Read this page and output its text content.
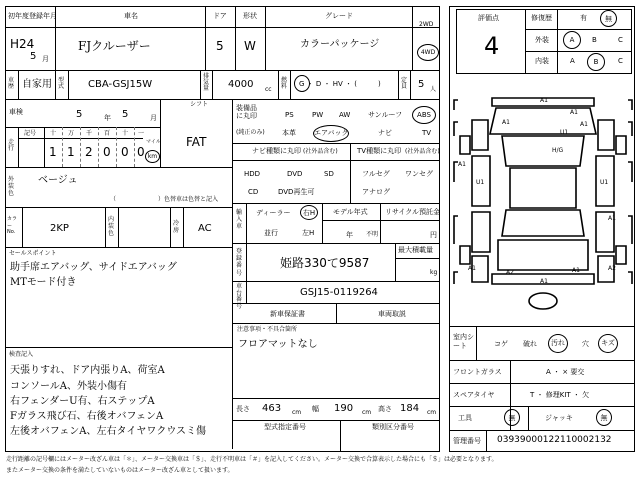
初年度登録年月
H24
5 月
車名
FJクルーザー
ドア
5
形状
W
グレード
カラーパッケージ
2WD
4WD
車歴 自家用 型式 CBA-GSJ15W
排気量 4000 cc
燃料 G ・ D ・ HV ・ (　　　)	定員 5 人
車検	5	年 5	月
シフト
FAT
走行
記号 十 万 千 百 十 一
1 1 2 0 0 0
マイル
km
外装色
ベージュ
（　　　　　　　）色替車は色替と記入
カラーNo.	2KP
内装色
冷房 AC
セールスポイント
助手席エアバッグ、サイドエアバッグ
MTモード付き
検査記入
天張りすれ、ドア内張りA、荷室A
コンソールA、外装小傷有
右フェンダーU有、右ステップA
Fガラス飛び石、右後オバフェンA
左後オバフェンA、左右タイヤワクウスミ傷
装備品に丸印
(純正のみ)
PS	PW AW	サンルーフ	ABS
本革	エアバック	ナビ	TV
ナビ種類に丸印 (社外品含む)
HDD	DVD	SD
CD	DVD再生可
TV種類に丸印 (社外品含む)
フルセグ ワンセグ
アナログ
輸入車
ディーラー	右H
並行	左H
モデル年式
年 不明
リサイクル預託金
円
登録番号
姫路330て9587
最大積載量
kg
車台番号
GSJ15-0119264
新車保証書	車両取説
注意事項・不具合箇所
フロアマットなし
長さ 463 cm 幅 190 cm 高さ 184 cm
型式指定番号	類別区分番号
評価点
4
修復歴	有	無
外装	A	B	C
内装	A	B	C
A1
A1
A1	A1
A1
U1
U1	U1
A1
H/G
A2
A1
A1
A1	A2
室内シート	コゲ 破れ	汚れ	穴	キズ
フロントガラス	A ・ × 要交
スペアタイヤ	T ・ 修理KIT ・ 欠
工具	無	ジャッキ	無
管理番号 03939000122110002132
走行距離の記号欄にはメーター改ざん車は「＊」、メーター交換車は「＄」、走行不明車は「＃」を記入してください。メーター交換で合算表示した場合にも「＄」は必要となります。
またメーター交換の条件を満たしていないものはメーター改ざん車として扱います。
